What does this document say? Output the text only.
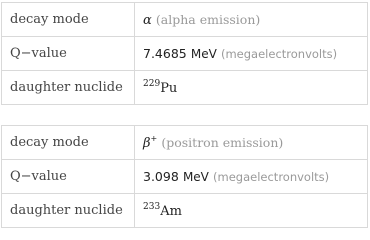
decay mode	α (alpha emission)
Q−value	7.4685 MeV (megaelectronvolts)
daughter nuclide	$^{229}$Pu
decay mode	β+ (positron emission)
Q−value	3.098 MeV (megaelectronvolts)
daughter nuclide	$^{233}$Am
